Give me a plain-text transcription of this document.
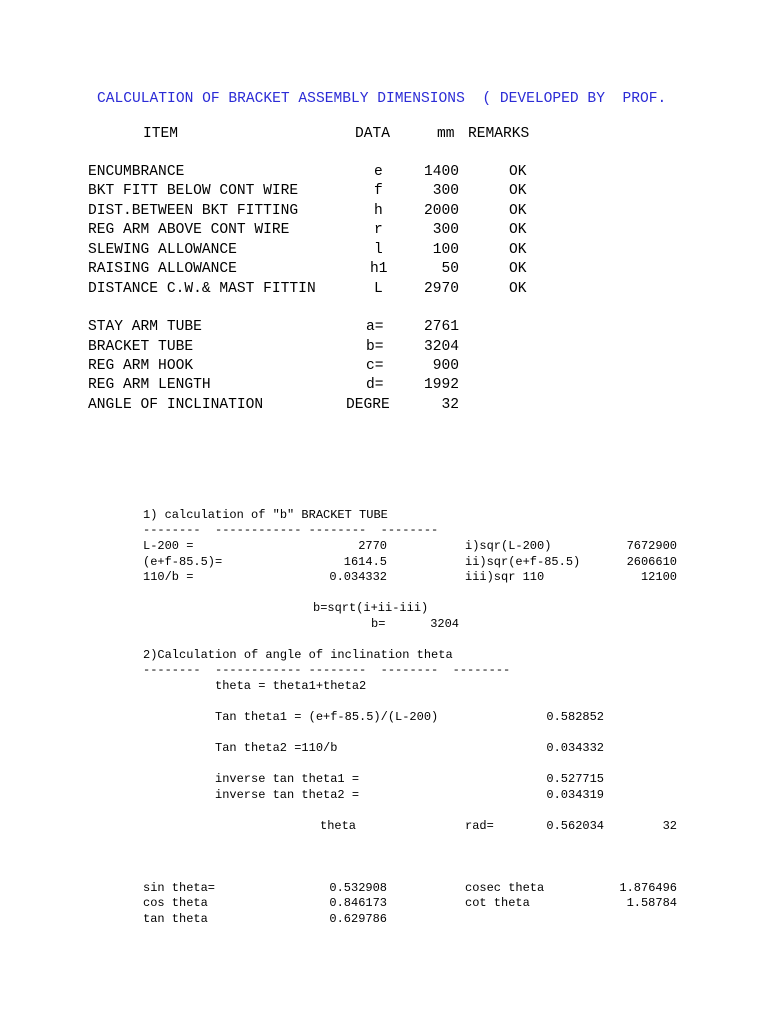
CALCULATION OF BRACKET ASSEMBLY DIMENSIONS  ( DEVELOPED BY  PROF.
ITEM	DATA	mm REMARKS
ENCUMBRANCE	e	1400	OK
BKT FITT BELOW CONT WIRE	f	300	OK
DIST.BETWEEN BKT FITTING	h	2000	OK
REG ARM ABOVE CONT WIRE	r	300	OK
SLEWING ALLOWANCE	l	100	OK
RAISING ALLOWANCE	h1	50	OK
DISTANCE C.W.& MAST FITTIN	L	2970	OK
STAY ARM TUBE	a=	2761
BRACKET TUBE	b=	3204
REG ARM HOOK	c=	900
REG ARM LENGTH	d=	1992
ANGLE OF INCLINATION	DEGRE	32
1) calculation of "b" BRACKET TUBE
--------  ------------ --------  --------
L-200 =	2770	i)sqr(L-200)	7672900
(e+f-85.5)=	1614.5	ii)sqr(e+f-85.5)	2606610
110/b =	0.034332	iii)sqr 110	12100
b=sqrt(i+ii-iii)
b=	3204
2)Calculation of angle of inclination theta
--------  ------------ --------  --------  --------
theta = theta1+theta2
Tan theta1 = (e+f-85.5)/(L-200)	0.582852
Tan theta2 =110/b	0.034332
inverse tan theta1 =	0.527715
inverse tan theta2 =	0.034319
theta	rad=	0.562034	32
sin theta=	0.532908	cosec theta	1.876496
cos theta	0.846173	cot theta	1.58784
tan theta	0.629786
